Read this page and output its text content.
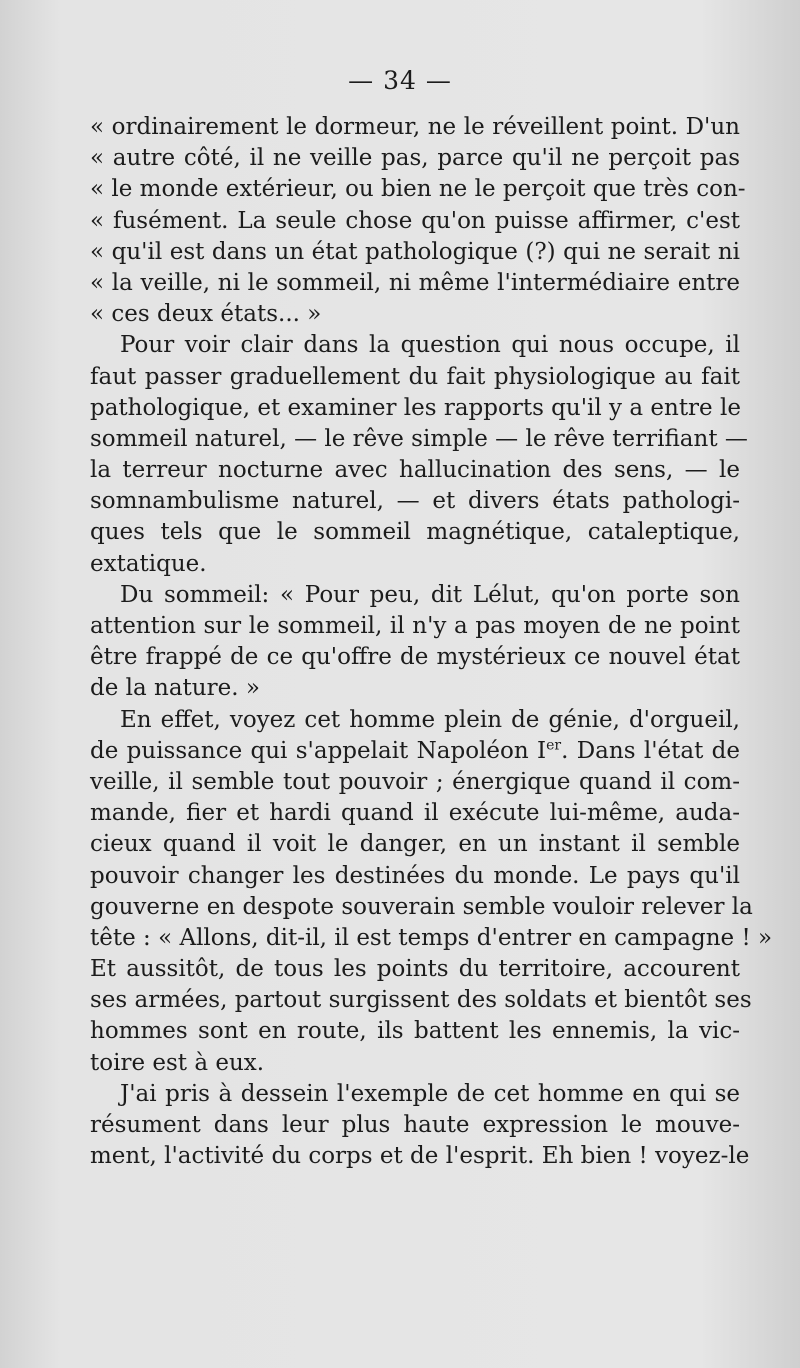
— 34 —
« ordinairement le dormeur, ne le réveillent point. D'un
« autre côté, il ne veille pas, parce qu'il ne perçoit pas
« le monde extérieur, ou bien ne le perçoit que très con-
« fusément. La seule chose qu'on puisse affirmer, c'est
« qu'il est dans un état pathologique (?) qui ne serait ni
« la veille, ni le sommeil, ni même l'intermédiaire entre
« ces deux états... »
Pour voir clair dans la question qui nous occupe, il
faut passer graduellement du fait physiologique au fait
pathologique, et examiner les rapports qu'il y a entre le
sommeil naturel, — le rêve simple — le rêve terrifiant —
la terreur nocturne avec hallucination des sens, — le
somnambulisme naturel, — et divers états pathologi-
ques tels que le sommeil magnétique, cataleptique,
extatique.
Du sommeil: « Pour peu, dit Lélut, qu'on porte son
attention sur le sommeil, il n'y a pas moyen de ne point
être frappé de ce qu'offre de mystérieux ce nouvel état
de la nature. »
En effet, voyez cet homme plein de génie, d'orgueil,
de puissance qui s'appelait Napoléon Ier. Dans l'état de
veille, il semble tout pouvoir ; énergique quand il com-
mande, fier et hardi quand il exécute lui-même, auda-
cieux quand il voit le danger, en un instant il semble
pouvoir changer les destinées du monde. Le pays qu'il
gouverne en despote souverain semble vouloir relever la
tête : « Allons, dit-il, il est temps d'entrer en campagne ! »
Et aussitôt, de tous les points du territoire, accourent
ses armées, partout surgissent des soldats et bientôt ses
hommes sont en route, ils battent les ennemis, la vic-
toire est à eux.
J'ai pris à dessein l'exemple de cet homme en qui se
résument dans leur plus haute expression le mouve-
ment, l'activité du corps et de l'esprit. Eh bien ! voyez-le
